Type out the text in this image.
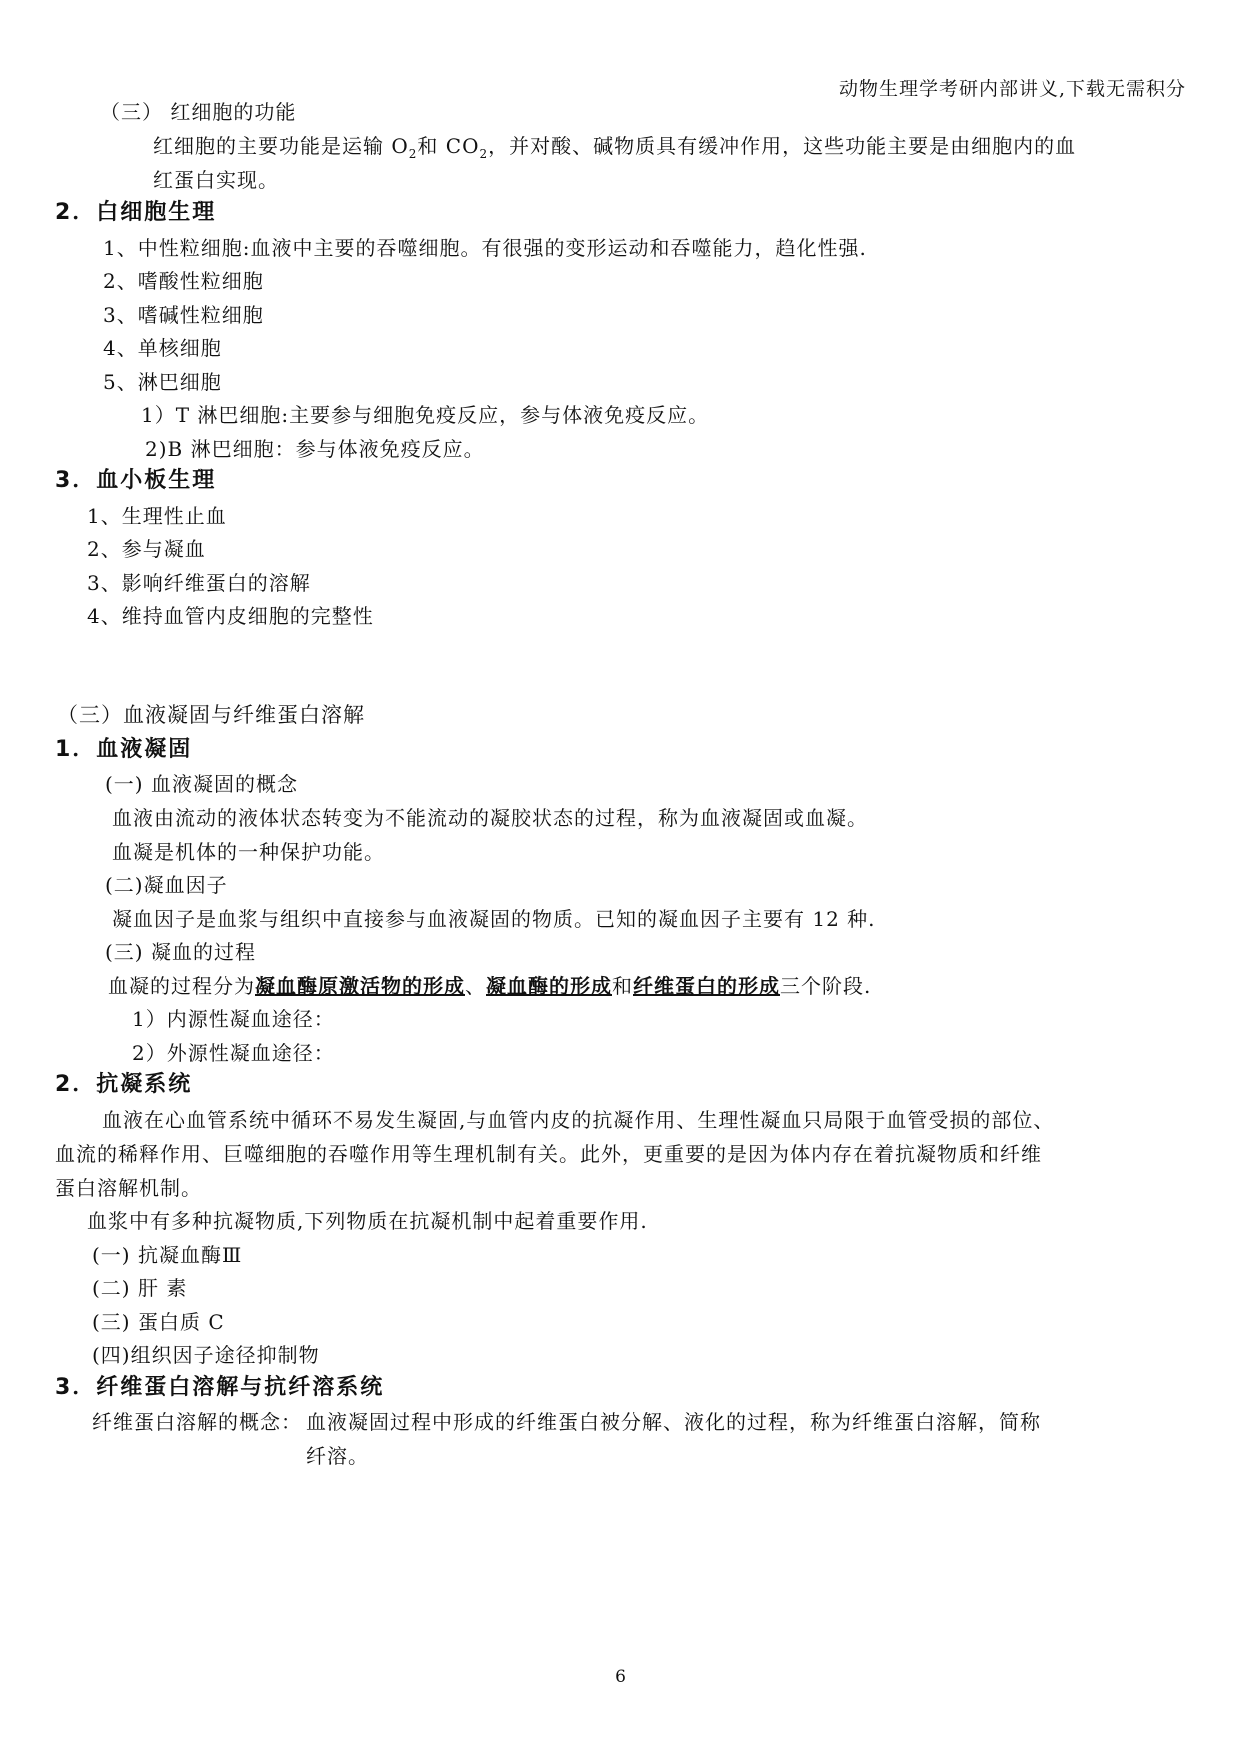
动物生理学考研内部讲义,下载无需积分
（三） 红细胞的功能
红细胞的主要功能是运输 $O_2$和 $CO_2$，并对酸、碱物质具有缓冲作用，这些功能主要是由细胞内的血
红蛋白实现。
2．白细胞生理
1、中性粒细胞:血液中主要的吞噬细胞。有很强的变形运动和吞噬能力，趋化性强.
2、嗜酸性粒细胞
3、嗜碱性粒细胞
4、单核细胞
5、淋巴细胞
1）T 淋巴细胞:主要参与细胞免疫反应，参与体液免疫反应。
2)B 淋巴细胞：参与体液免疫反应。
3．血小板生理
1、生理性止血
2、参与凝血
3、影响纤维蛋白的溶解
4、维持血管内皮细胞的完整性
（三）血液凝固与纤维蛋白溶解
1．血液凝固
(一) 血液凝固的概念
血液由流动的液体状态转变为不能流动的凝胶状态的过程，称为血液凝固或血凝。
血凝是机体的一种保护功能。
(二)凝血因子
凝血因子是血浆与组织中直接参与血液凝固的物质。已知的凝血因子主要有 12 种.
(三) 凝血的过程
血凝的过程分为凝血酶原激活物的形成、凝血酶的形成和纤维蛋白的形成三个阶段.
1）内源性凝血途径：
2）外源性凝血途径：
2．抗凝系统
血液在心血管系统中循环不易发生凝固,与血管内皮的抗凝作用、生理性凝血只局限于血管受损的部位、
血流的稀释作用、巨噬细胞的吞噬作用等生理机制有关。此外，更重要的是因为体内存在着抗凝物质和纤维
蛋白溶解机制。
血浆中有多种抗凝物质,下列物质在抗凝机制中起着重要作用.
(一) 抗凝血酶Ⅲ
(二) 肝 素
(三) 蛋白质 C
(四)组织因子途径抑制物
3．纤维蛋白溶解与抗纤溶系统
纤维蛋白溶解的概念： 血液凝固过程中形成的纤维蛋白被分解、液化的过程，称为纤维蛋白溶解，简称
纤溶。
6
